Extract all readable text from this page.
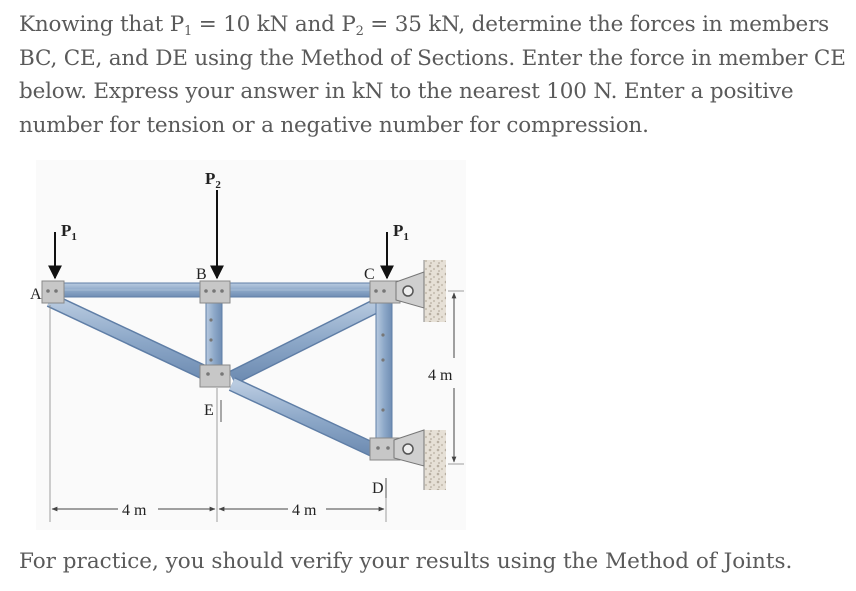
Knowing that $P_1 = 10$ kN and $P_2 = 35$ kN, determine the forces in members BC, CE, and DE using the Method of Sections. Enter the force in member CE below. Express your answer in kN to the nearest 100 N. Enter a positive number for tension or a negative number for compression.
$P_1$
$P_2$
$P_1$
A
B	C
E
D
4 m	4 m
4 m
For practice, you should verify your results using the Method of Joints.
